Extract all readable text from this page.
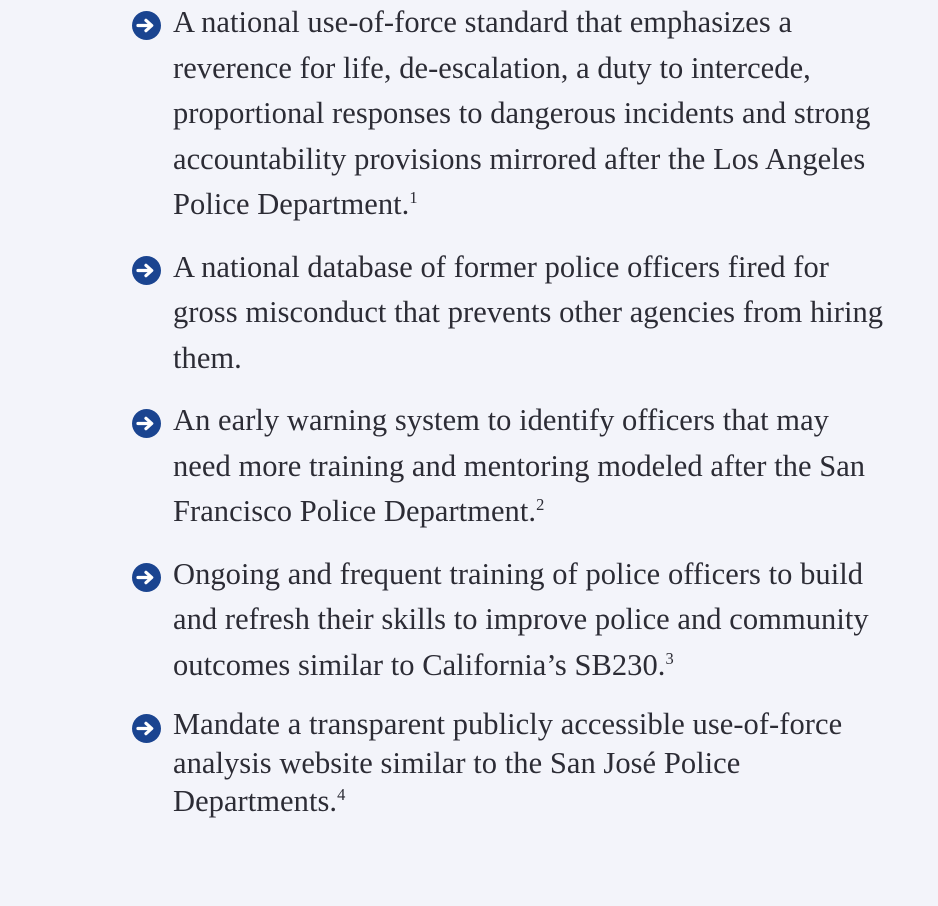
A national use-of-force standard that emphasizes a reverence for life, de-escalation, a duty to intercede, proportional responses to dangerous incidents and strong accountability provisions mirrored after the Los Angeles Police Department.$^1$
A national database of former police officers fired for gross misconduct that prevents other agencies from hiring them.
An early warning system to identify officers that may need more training and mentoring modeled after the San Francisco Police Department.$^2$
Ongoing and frequent training of police officers to build and refresh their skills to improve police and community outcomes similar to California’s SB230.$^3$
Mandate a transparent publicly accessible use-of-force analysis website similar to the San José Police Departments.$^4$
